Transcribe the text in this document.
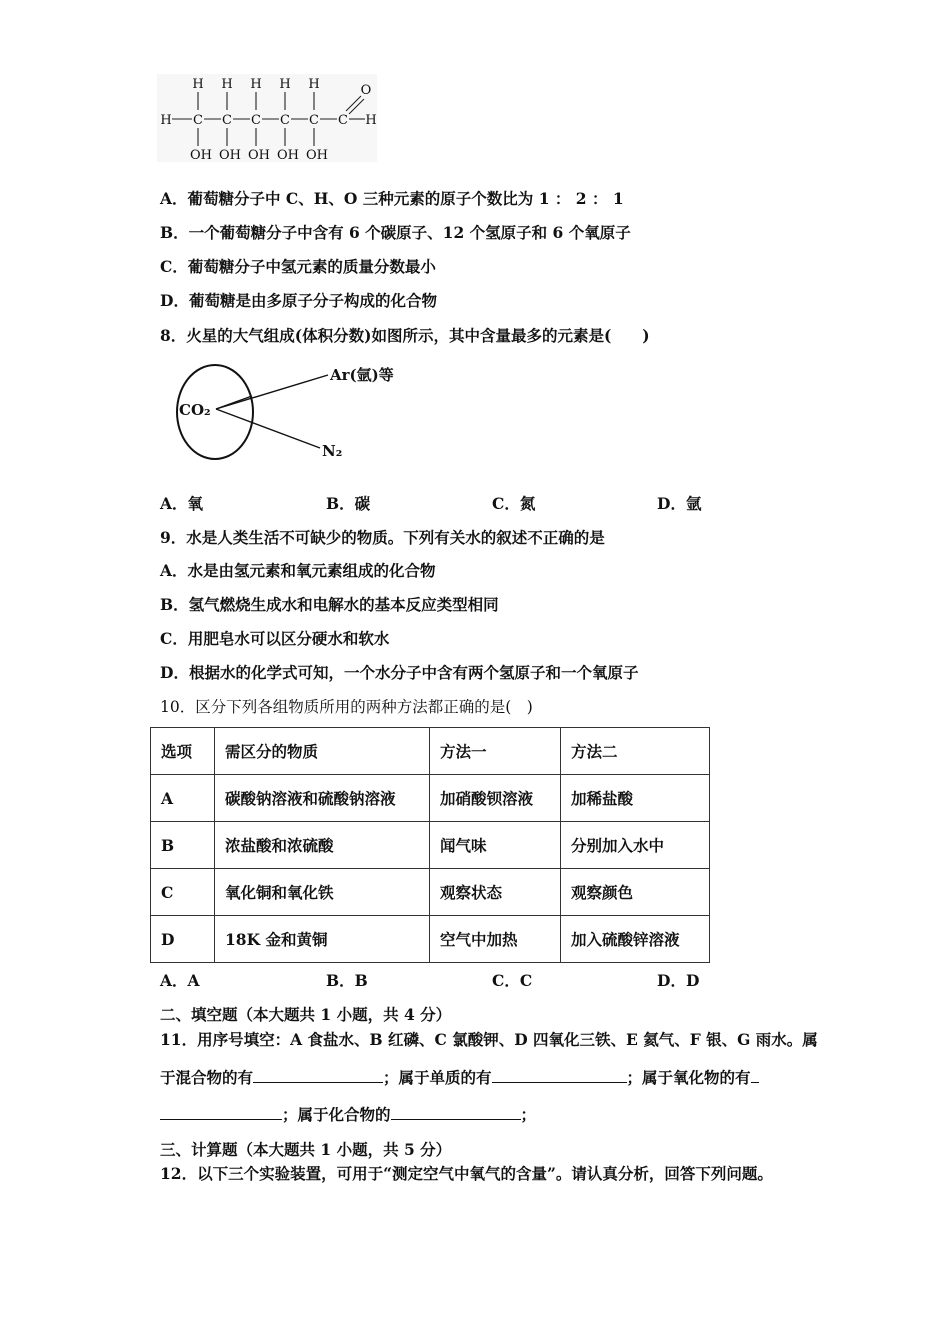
H H H H H	O
H C C C C C C H
OH OH OH OH OH
A．葡萄糖分子中 C、H、O 三种元素的原子个数比为 1 ： 2 ： 1
B．一个葡萄糖分子中含有 6 个碳原子、12 个氢原子和 6 个氧原子
C．葡萄糖分子中氢元素的质量分数最小
D．葡萄糖是由多原子分子构成的化合物
8．火星的大气组成(体积分数)如图所示，其中含量最多的元素是(　　)
CO₂
Ar(氩)等
N₂
A．氧	B．碳	C．氮	D．氩
9．水是人类生活不可缺少的物质。下列有关水的叙述不正确的是
A．水是由氢元素和氧元素组成的化合物
B．氢气燃烧生成水和电解水的基本反应类型相同
C．用肥皂水可以区分硬水和软水
D．根据水的化学式可知，一个水分子中含有两个氢原子和一个氧原子
10．区分下列各组物质所用的两种方法都正确的是(　)
选项	需区分的物质	方法一	方法二
A	碳酸钠溶液和硫酸钠溶液	加硝酸钡溶液	加稀盐酸
B	浓盐酸和浓硫酸	闻气味	分别加入水中
C	氧化铜和氧化铁	观察状态	观察颜色
D	18K 金和黄铜	空气中加热	加入硫酸锌溶液
A．A	B．B	C．C	D．D
二、填空题（本大题共 1 小题，共 4 分）
11．用序号填空：A 食盐水、B 红磷、C 氯酸钾、D 四氧化三铁、E 氦气、F 银、G 雨水。属
于混合物的有	；属于单质的有	；属于氧化物的有
；属于化合物的	；
三、计算题（本大题共 1 小题，共 5 分）
12．以下三个实验装置，可用于“测定空气中氧气的含量”。请认真分析，回答下列问题。
